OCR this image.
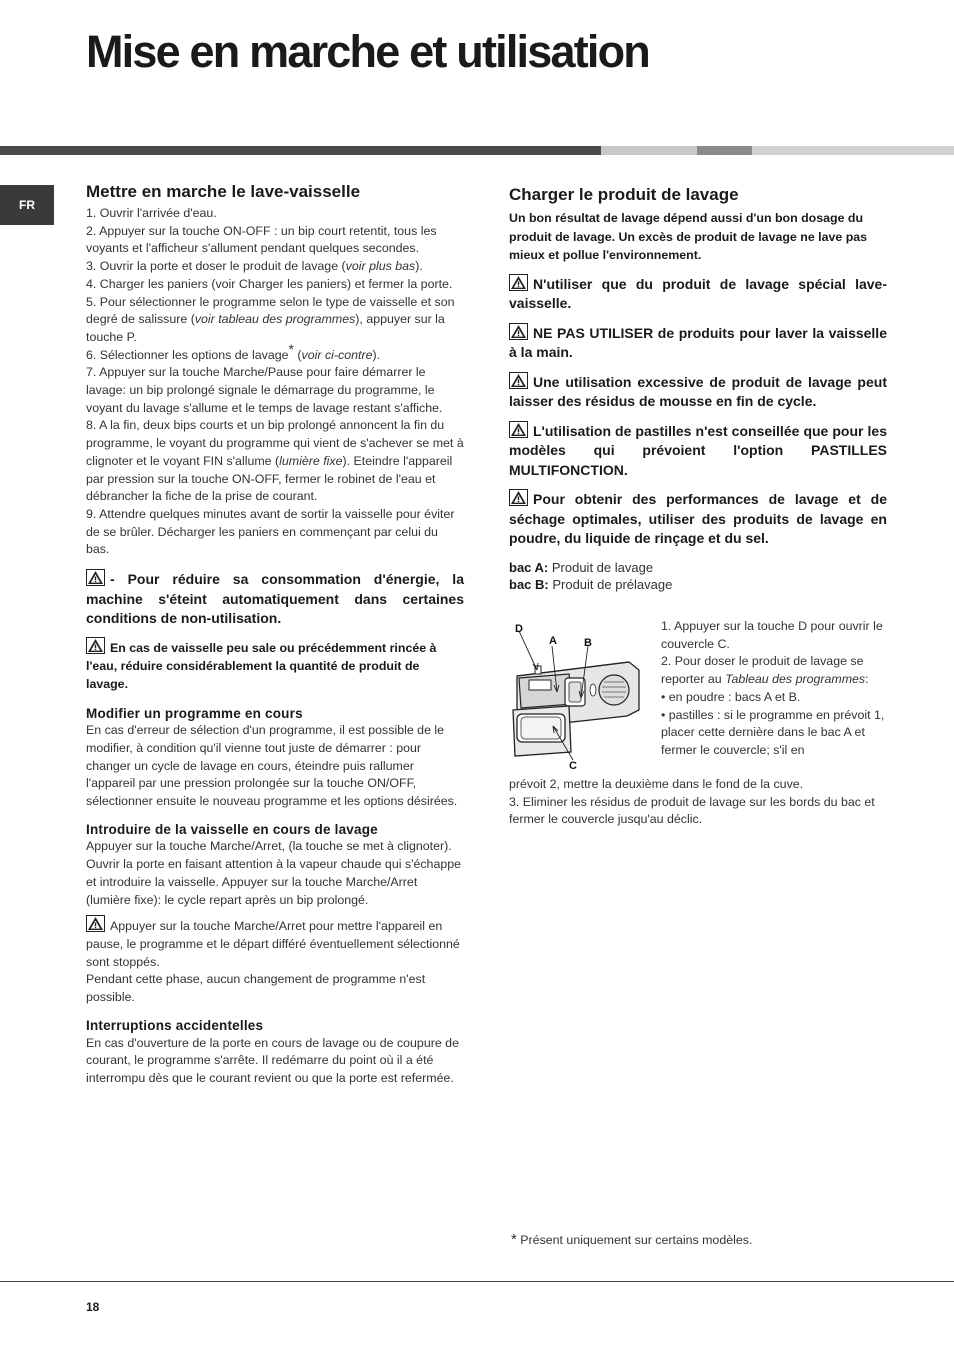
Mise en marche et utilisation
FR

Mettre en marche le lave-vaisselle

1. Ouvrir l'arrivée d'eau.

2. Appuyer sur la touche ON-OFF : un bip court retentit, tous les voyants et l'afficheur s'allument pendant quelques secondes.

3. Ouvrir la porte et doser le produit de lavage (voir plus bas).

4. Charger les paniers (voir Charger les paniers) et fermer la porte.

5. Pour sélectionner le programme selon le type de vaisselle et son degré de salissure (voir tableau des programmes), appuyer sur la touche P.

6. Sélectionner les options de lavage* (voir ci-contre).

7. Appuyer sur la touche Marche/Pause pour faire démarrer le lavage: un bip prolongé signale le démarrage du programme, le voyant du lavage s'allume et le temps de lavage restant s'affiche.

8. A la fin, deux bips courts et un bip prolongé annoncent la fin du programme, le voyant du programme qui vient de s'achever se met à clignoter et le voyant FIN s'allume (lumière fixe). Eteindre l'appareil par pression sur la touche ON-OFF, fermer le robinet de l'eau et débrancher la fiche de la prise de courant.

9. Attendre quelques minutes avant de sortir la vaisselle pour éviter de se brûler. Décharger les paniers en commençant par celui du bas.

- Pour réduire sa consommation d'énergie, la machine s'éteint automatiquement dans certaines conditions de non-utilisation.

En cas de vaisselle peu sale ou précédemment rincée à l'eau, réduire considérablement la quantité de produit de lavage.

Modifier un programme en cours

En cas d'erreur de sélection d'un programme, il est possible de le modifier, à condition qu'il vienne tout juste de démarrer : pour changer un cycle de lavage en cours, éteindre puis rallumer l'appareil par une pression prolongée sur la touche ON/OFF, sélectionner ensuite le nouveau programme et les options désirées.

Introduire de la vaisselle en cours de lavage

Appuyer sur la touche Marche/Arret, (la touche se met à clignoter). Ouvrir la porte en faisant attention à la vapeur chaude qui s'échappe et introduire la vaisselle. Appuyer sur la touche Marche/Arret (lumière fixe): le cycle repart après un bip prolongé.

Appuyer sur la touche Marche/Arret pour mettre l'appareil en pause, le programme et le départ différé éventuellement sélectionné sont stoppés.

Pendant cette phase, aucun changement de programme n'est possible.

Interruptions accidentelles

En cas d'ouverture de la porte en cours de lavage ou de coupure de courant, le programme s'arrête. Il redémarre du point où il a été interrompu dès que le courant revient ou que la porte est refermée.

Charger le produit de lavage

Un bon résultat de lavage dépend aussi d'un bon dosage du produit de lavage. Un excès de produit de lavage ne lave pas mieux et pollue l'environnement.

N'utiliser que du produit de lavage spécial lave-vaisselle.

NE PAS UTILISER de produits pour laver la vaisselle à la main.

Une utilisation excessive de produit de lavage peut laisser des résidus de mousse en fin de cycle.

L'utilisation de pastilles n'est conseillée que pour les modèles qui prévoient l'option PASTILLES MULTIFONCTION.

Pour obtenir des performances de lavage et de séchage optimales, utiliser des produits de lavage en poudre, du liquide de rinçage et du sel.

bac A: Produit de lavage

bac B: Produit de prélavage

D
A B
C

1. Appuyer sur la touche D pour ouvrir le couvercle C.

2. Pour doser le produit de lavage se reporter au Tableau des programmes:

• en poudre : bacs A et B.

• pastilles : si le programme en prévoit 1, placer cette dernière dans le bac A et fermer le couvercle; s'il en

prévoit 2, mettre la deuxième dans le fond de la cuve.

3. Eliminer les résidus de produit de lavage sur les bords du bac et fermer le couvercle jusqu'au déclic.

* Présent uniquement sur certains modèles.
18
